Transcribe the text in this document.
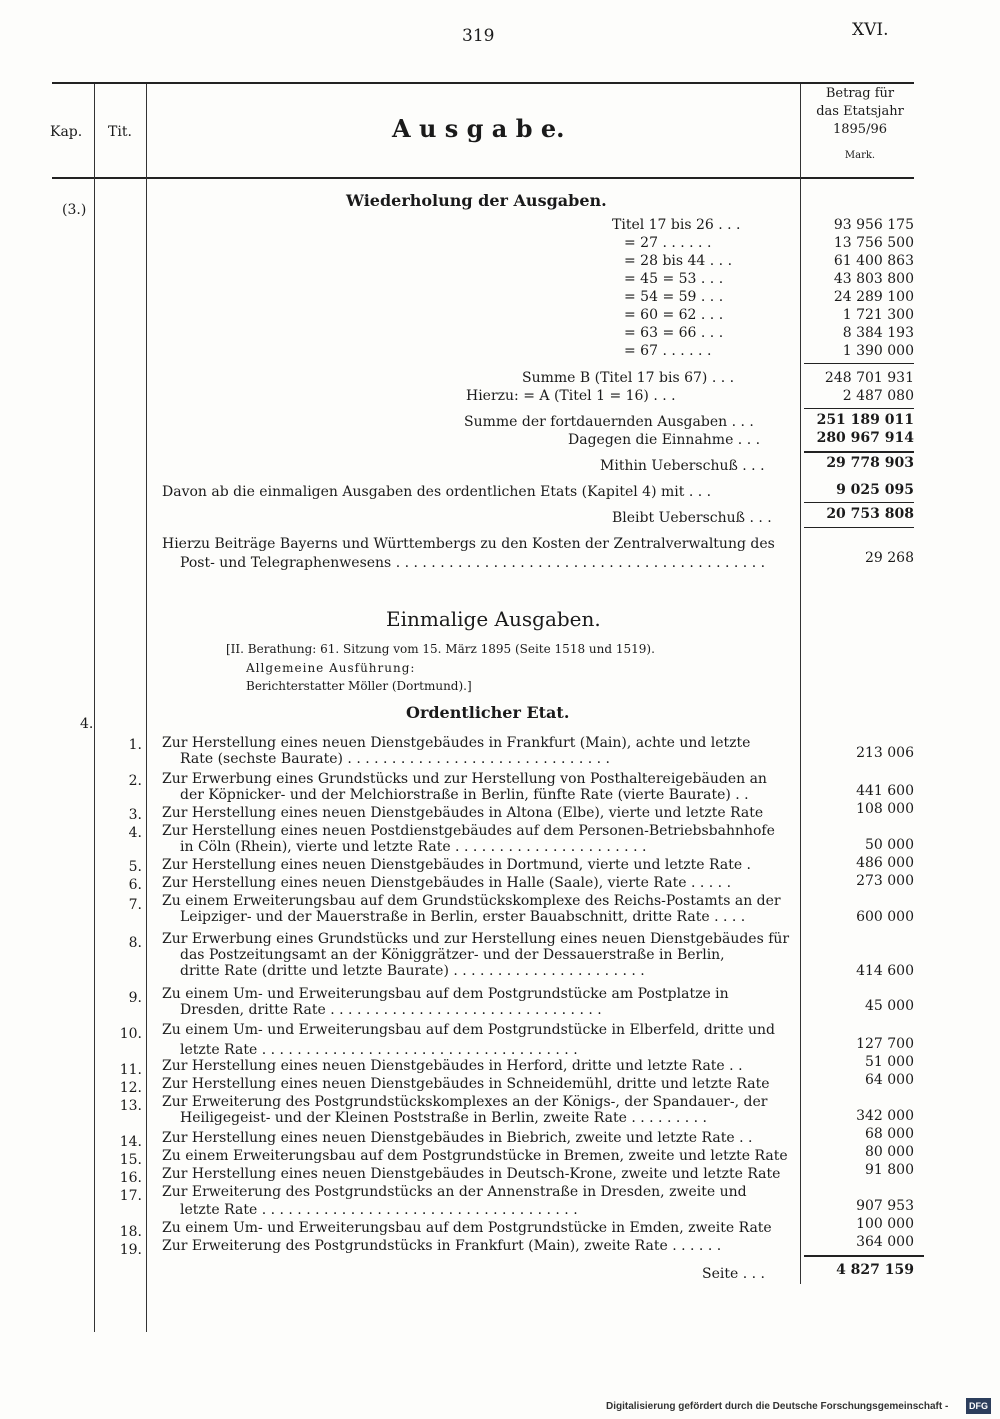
319	XVI.
Kap. Tit.	A u s g a b e.
Betrag für
das Etatsjahr
1895/96
Mark.
(3.)	Wiederholung der Ausgaben.
Titel 17 bis 26 . . .	93 956 175
= 27 . . . . . .	13 756 500
= 28 bis 44 . . .	61 400 863
= 45 = 53 . . .	43 803 800
= 54 = 59 . . .	24 289 100
= 60 = 62 . . .	1 721 300
= 63 = 66 . . .	8 384 193
= 67 . . . . . .	1 390 000
Summe B (Titel 17 bis 67) . . .	248 701 931
Hierzu: = A (Titel 1 = 16) . . .	2 487 080
Summe der fortdauernden Ausgaben . . .	251 189 011
Dagegen die Einnahme . . .	280 967 914
Mithin Ueberschuß . . .	29 778 903
Davon ab die einmaligen Ausgaben des ordentlichen Etats (Kapitel 4) mit . . .	9 025 095
Bleibt Ueberschuß . . .	20 753 808
Hierzu Beiträge Bayerns und Württembergs zu den Kosten der Zentralverwaltung des
Post- und Telegraphenwesens . . . . . . . . . . . . . . . . . . . . . . . . . . . . . . . . . . . . . . . . . .	29 268
Einmalige Ausgaben.
[II. Berathung: 61. Sitzung vom 15. März 1895 (Seite 1518 und 1519).
Allgemeine Ausführung:
Berichterstatter Möller (Dortmund).]
4.
Ordentlicher Etat.
1. Zur Herstellung eines neuen Dienstgebäudes in Frankfurt (Main), achte und letzte
Rate (sechste Baurate) . . . . . . . . . . . . . . . . . . . . . . . . . . . . . .	213 006
2. Zur Erwerbung eines Grundstücks und zur Herstellung von Posthaltereigebäuden an
der Köpnicker- und der Melchiorstraße in Berlin, fünfte Rate (vierte Baurate) . .	441 600
3. Zur Herstellung eines neuen Dienstgebäudes in Altona (Elbe), vierte und letzte Rate	108 000
4. Zur Herstellung eines neuen Postdienstgebäudes auf dem Personen-Betriebsbahnhofe
in Cöln (Rhein), vierte und letzte Rate . . . . . . . . . . . . . . . . . . . . . .	50 000
5. Zur Herstellung eines neuen Dienstgebäudes in Dortmund, vierte und letzte Rate .	486 000
6. Zur Herstellung eines neuen Dienstgebäudes in Halle (Saale), vierte Rate . . . . .	273 000
7. Zu einem Erweiterungsbau auf dem Grundstückskomplexe des Reichs-Postamts an der
Leipziger- und der Mauerstraße in Berlin, erster Bauabschnitt, dritte Rate . . . .	600 000
8. Zur Erwerbung eines Grundstücks und zur Herstellung eines neuen Dienstgebäudes für
das Postzeitungsamt an der Königgrätzer- und der Dessauerstraße in Berlin,
dritte Rate (dritte und letzte Baurate) . . . . . . . . . . . . . . . . . . . . . .	414 600
9. Zu einem Um- und Erweiterungsbau auf dem Postgrundstücke am Postplatze in
Dresden, dritte Rate . . . . . . . . . . . . . . . . . . . . . . . . . . . . . . .	45 000
10. Zu einem Um- und Erweiterungsbau auf dem Postgrundstücke in Elberfeld, dritte und
letzte Rate . . . . . . . . . . . . . . . . . . . . . . . . . . . . . . . . . . . .	127 700
11. Zur Herstellung eines neuen Dienstgebäudes in Herford, dritte und letzte Rate . .	51 000
12. Zur Herstellung eines neuen Dienstgebäudes in Schneidemühl, dritte und letzte Rate	64 000
13. Zur Erweiterung des Postgrundstückskomplexes an der Königs-, der Spandauer-, der
Heiligegeist- und der Kleinen Poststraße in Berlin, zweite Rate . . . . . . . . .	342 000
14. Zur Herstellung eines neuen Dienstgebäudes in Biebrich, zweite und letzte Rate . .	68 000
15. Zu einem Erweiterungsbau auf dem Postgrundstücke in Bremen, zweite und letzte Rate	80 000
16. Zur Herstellung eines neuen Dienstgebäudes in Deutsch-Krone, zweite und letzte Rate	91 800
17. Zur Erweiterung des Postgrundstücks an der Annenstraße in Dresden, zweite und
letzte Rate . . . . . . . . . . . . . . . . . . . . . . . . . . . . . . . . . . . .	907 953
18. Zu einem Um- und Erweiterungsbau auf dem Postgrundstücke in Emden, zweite Rate	100 000
19. Zur Erweiterung des Postgrundstücks in Frankfurt (Main), zweite Rate . . . . . .	364 000
Seite . . .	4 827 159
Digitalisierung gefördert durch die Deutsche Forschungsgemeinschaft -	DFG
